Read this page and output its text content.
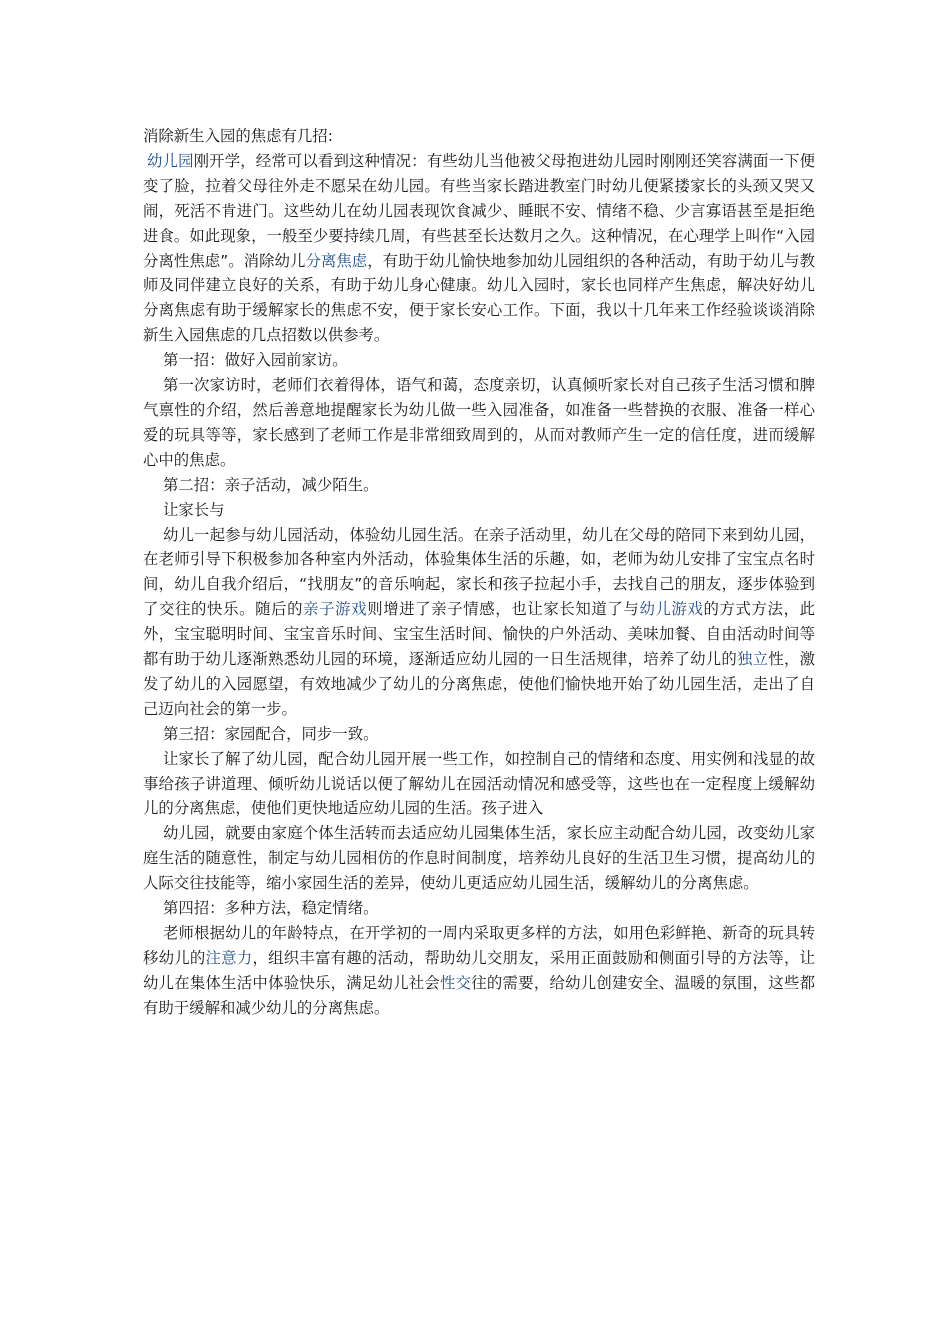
消除新生入园的焦虑有几招:

幼儿园刚开学，经常可以看到这种情况：有些幼儿当他被父母抱进幼儿园时刚刚还笑容满面一下便变了脸，拉着父母往外走不愿呆在幼儿园。有些当家长踏进教室门时幼儿便紧搂家长的头颈又哭又闹，死活不肯进门。这些幼儿在幼儿园表现饮食减少、睡眠不安、情绪不稳、少言寡语甚至是拒绝进食。如此现象，一般至少要持续几周，有些甚至长达数月之久。这种情况，在心理学上叫作“入园分离性焦虑”。消除幼儿分离焦虑，有助于幼儿愉快地参加幼儿园组织的各种活动，有助于幼儿与教师及同伴建立良好的关系，有助于幼儿身心健康。幼儿入园时，家长也同样产生焦虑，解决好幼儿分离焦虑有助于缓解家长的焦虑不安，便于家长安心工作。下面，我以十几年来工作经验谈谈消除新生入园焦虑的几点招数以供参考。

第一招：做好入园前家访。

第一次家访时，老师们衣着得体，语气和蔼，态度亲切，认真倾听家长对自己孩子生活习惯和脾气禀性的介绍，然后善意地提醒家长为幼儿做一些入园准备，如准备一些替换的衣服、准备一样心爱的玩具等等，家长感到了老师工作是非常细致周到的，从而对教师产生一定的信任度，进而缓解心中的焦虑。

第二招：亲子活动，减少陌生。

让家长与

幼儿一起参与幼儿园活动，体验幼儿园生活。在亲子活动里，幼儿在父母的陪同下来到幼儿园，在老师引导下积极参加各种室内外活动，体验集体生活的乐趣，如，老师为幼儿安排了宝宝点名时间，幼儿自我介绍后，“找朋友”的音乐响起，家长和孩子拉起小手，去找自己的朋友，逐步体验到了交往的快乐。随后的亲子游戏则增进了亲子情感，也让家长知道了与幼儿游戏的方式方法，此外，宝宝聪明时间、宝宝音乐时间、宝宝生活时间、愉快的户外活动、美味加餐、自由活动时间等都有助于幼儿逐渐熟悉幼儿园的环境，逐渐适应幼儿园的一日生活规律，培养了幼儿的独立性，激发了幼儿的入园愿望，有效地减少了幼儿的分离焦虑，使他们愉快地开始了幼儿园生活，走出了自己迈向社会的第一步。

第三招：家园配合，同步一致。

让家长了解了幼儿园，配合幼儿园开展一些工作，如控制自己的情绪和态度、用实例和浅显的故事给孩子讲道理、倾听幼儿说话以便了解幼儿在园活动情况和感受等，这些也在一定程度上缓解幼儿的分离焦虑，使他们更快地适应幼儿园的生活。孩子进入

幼儿园，就要由家庭个体生活转而去适应幼儿园集体生活，家长应主动配合幼儿园，改变幼儿家庭生活的随意性，制定与幼儿园相仿的作息时间制度，培养幼儿良好的生活卫生习惯，提高幼儿的人际交往技能等，缩小家园生活的差异，使幼儿更适应幼儿园生活，缓解幼儿的分离焦虑。

第四招：多种方法，稳定情绪。

老师根据幼儿的年龄特点，在开学初的一周内采取更多样的方法，如用色彩鲜艳、新奇的玩具转移幼儿的注意力，组织丰富有趣的活动，帮助幼儿交朋友，采用正面鼓励和侧面引导的方法等，让幼儿在集体生活中体验快乐，满足幼儿社会性交往的需要，给幼儿创建安全、温暖的氛围，这些都有助于缓解和减少幼儿的分离焦虑。
